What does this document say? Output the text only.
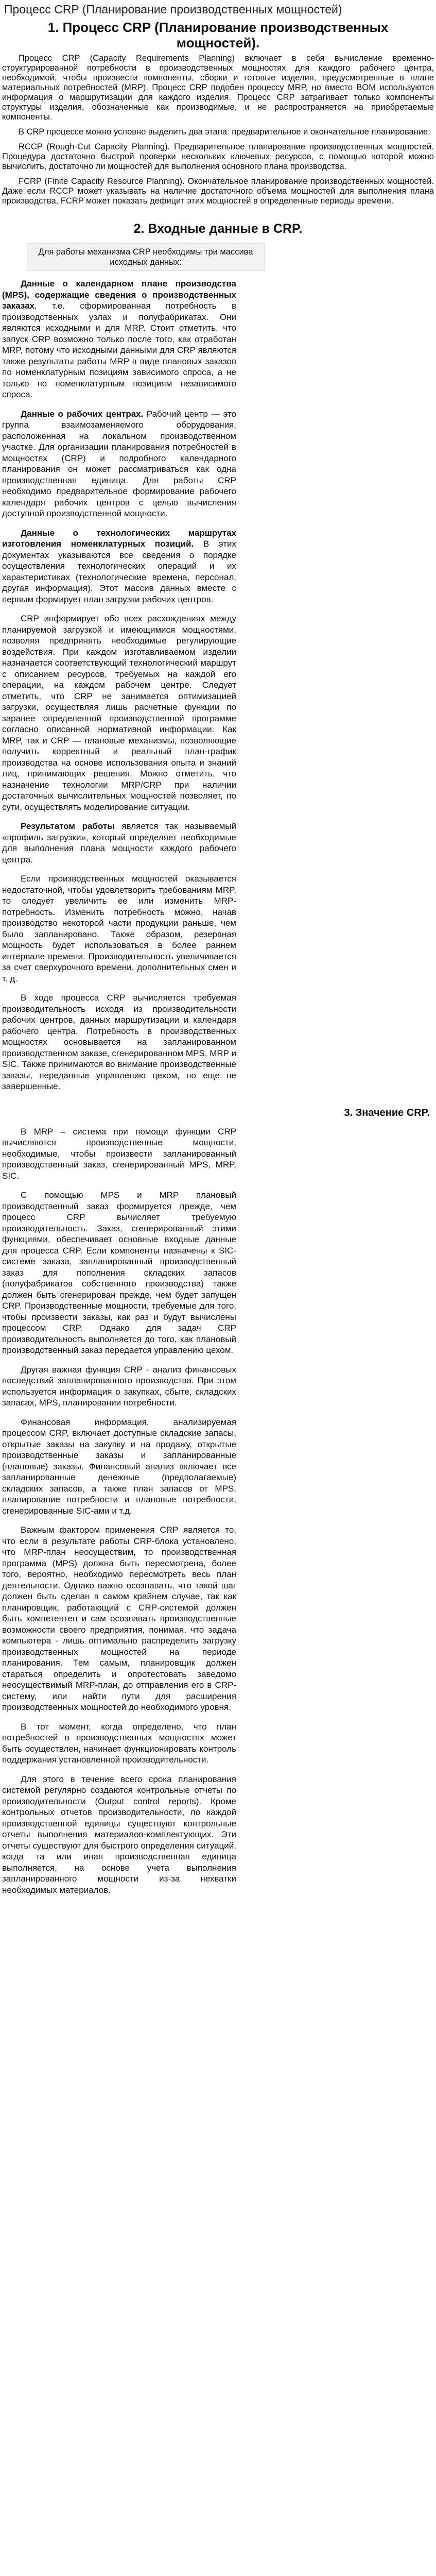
Процесс CRP (Планирование производственных мощностей)
1. Процесс CRP (Планирование производственных мощностей).

Процесс CRP (Capacity Requirements Planning) включает в себя вычисление временно-структурированной потребности в производственных мощностях для каждого рабочего центра, необходимой, чтобы произвести компоненты, сборки и готовые изделия, предусмотренные в плане материальных потребностей (MRP). Процесс CRP подобен процессу MRP, но вместо BOM используются информация о маршрутизации для каждого изделия. Процесс CRP затрагивает только компоненты структуры изделия, обозначенные как производимые, и не распространяется на приобретаемые компоненты.

В CRP процессе можно условно выделить два этапа: предварительное и окончательное планирование:

RCCP (Rough-Cut Capacity Planning). Предварительное планирование производственных мощностей. Процедура достаточно быстрой проверки нескольких ключевых ресурсов, с помощью которой можно вычислить, достаточно ли мощностей для выполнения основного плана производства.

FCRP (Finite Capacity Resource Planning). Окончательное планирование производственных мощностей. Даже если RCCP может указывать на наличие достаточного объема мощностей для выполнения плана производства, FCRP может показать дефицит этих мощностей в определенные периоды времени.

2. Входные данные в CRP.
Для работы механизма CRP необходимы три массива исходных данных:

Данные о календарном плане производства (MPS), содержащие сведения о производственных заказах, т.е. сформированная потребность в производственных узлах и полуфабрикатах. Они являются исходными и для MRP. Стоит отметить, что запуск CRP возможно только после того, как отработан MRP, потому что исходными данными для CRP являются также результаты работы MRP в виде плановых заказов по номенклатурным позициям зависимого спроса, а не только по номенклатурным позициям независимого спроса.

Данные о рабочих центрах. Рабочий центр — это группа взаимозаменяемого оборудования, расположенная на локальном производственном участке. Для организации планирования потребностей в мощностях (CRP) и подробного календарного планирования он может рассматриваться как одна производственная единица. Для работы CRP необходимо предварительное формирование рабочего календаря рабочих центров с целью вычисления доступной производственной мощности.

Данные о технологических маршрутах изготовления номенклатурных позиций. В этих документах указываются все сведения о порядке осуществления технологических операций и их характеристиках (технологические времена, персонал, другая информация). Этот массив данных вместе с первым формирует план загрузки рабочих центров.

CRP информирует обо всех расхождениях между планируемой загрузкой и имеющимися мощностями, позволяя предпринять необходимые регулирующие воздействия. При каждом изготавливаемом изделии назначается соответствующий технологический маршрут с описанием ресурсов, требуемых на каждой его операции, на каждом рабочем центре. Следует отметить, что CRP не занимается оптимизацией загрузки, осуществляя лишь расчетные функции по заранее определенной производственной программе согласно описанной нормативной информации. Как MRP, так и CRP — плановые механизмы, позволяющие получить корректный и реальный план-график производства на основе использования опыта и знаний лиц, принимающих решения. Можно отметить, что назначение технологии MRP/CRP при наличии достаточных вычислительных мощностей позволяет, по сути, осуществлять моделирование ситуации.

Результатом работы является так называемый «профиль загрузки», который определяет необходимые для выполнения плана мощности каждого рабочего центра.

Если производственных мощностей оказывается недостаточной, чтобы удовлетворить требованиям MRP, то следует увеличить ее или изменить MRP-потребность. Изменить потребность можно, начав производство некоторой части продукции раньше, чем было запланировано. Также образом, резервная мощность будет использоваться в более раннем интервале времени. Производительность увеличивается за счет сверхурочного времени, дополнительных смен и т. д.

В ходе процесса CRP вычисляется требуемая производительность исходя из производительности рабочих центров, данных маршрутизации и календаря рабочего центра. Потребность в производственных мощностях основывается на запланированном производственном заказе, сгенерированном MPS, MRP и SIC. Также принимаются во внимание производственные заказы, переданные управлению цехом, но еще не завершенные.

3. Значение CRP.

В MRP – система при помощи функции CRP вычисляются производственные мощности, необходимые, чтобы произвести запланированный производственный заказ, сгенерированный MPS, MRP, SIC.

С помощью MPS и MRP плановый производственный заказ формируется прежде, чем процесс CRP вычисляет требуемую производительность. Заказ, сгенерированный этими функциями, обеспечивает основные входные данные для процесса CRP. Если компоненты назначены к SIC-системе заказа, запланированный производственный заказ для пополнения складских запасов (полуфабрикатов собственного производства) также должен быть сгенерирован прежде, чем будет запущен CRP. Производственные мощности, требуемые для того, чтобы произвести заказы, как раз и будут вычислены процессом CRP. Однако для задач CRP производительность выполняется до того, как плановый производственный заказ передается управлению цехом.

Другая важная функция CRP - анализ финансовых последствий запланированного производства. При этом используется информация о закупках, сбыте, складских запасах, MPS, планировании потребности.

Финансовая информация, анализируемая процессом CRP, включает доступные складские запасы, открытые заказы на закупку и на продажу, открытые производственные заказы и запланированные (плановые) заказы. Финансовый анализ включает все запланированные денежные (предполагаемые) складских запасов, а также план запасов от MPS, планирование потребности и плановые потребности, сгенерированные SIC-ами и т.д.

Важным фактором применения CRP является то, что если в результате работы CRP-блока установлено, что MRP-план неосуществим, то производственная программа (MPS) должна быть пересмотрена, более того, вероятно, необходимо пересмотреть весь план деятельности. Однако важно осознавать, что такой шаг должен быть сделан в самом крайнем случае, так как планировщик, работающий с CRP-системой должен быть компетентен и сам осознавать производственные возможности своего предприятия, понимая, что задача компьютера - лишь оптимально распределить загрузку производственных мощностей на периоде планирования. Тем самым, планировщик должен стараться определить и опротестовать заведомо неосуществимый MRP-план, до отправления его в CRP-систему, или найти пути для расширения производственных мощностей до необходимого уровня.

В тот момент, когда определено, что план потребностей в производственных мощностях может быть осуществлен, начинает функционировать контроль поддержания установленной производительности.

Для этого в течение всего срока планирования системой регулярно создаются контрольные отчеты по производительности (Output control reports). Кроме контрольных отчетов производительности, по каждой производственной единицы существуют контрольные отчеты выполнения материалов-комплектующих. Эти отчеты существуют для быстрого определения ситуаций, когда та или иная производственная единица выполняется, на основе учета выполнения запланированного мощности из-за нехватки необходимых материалов.
